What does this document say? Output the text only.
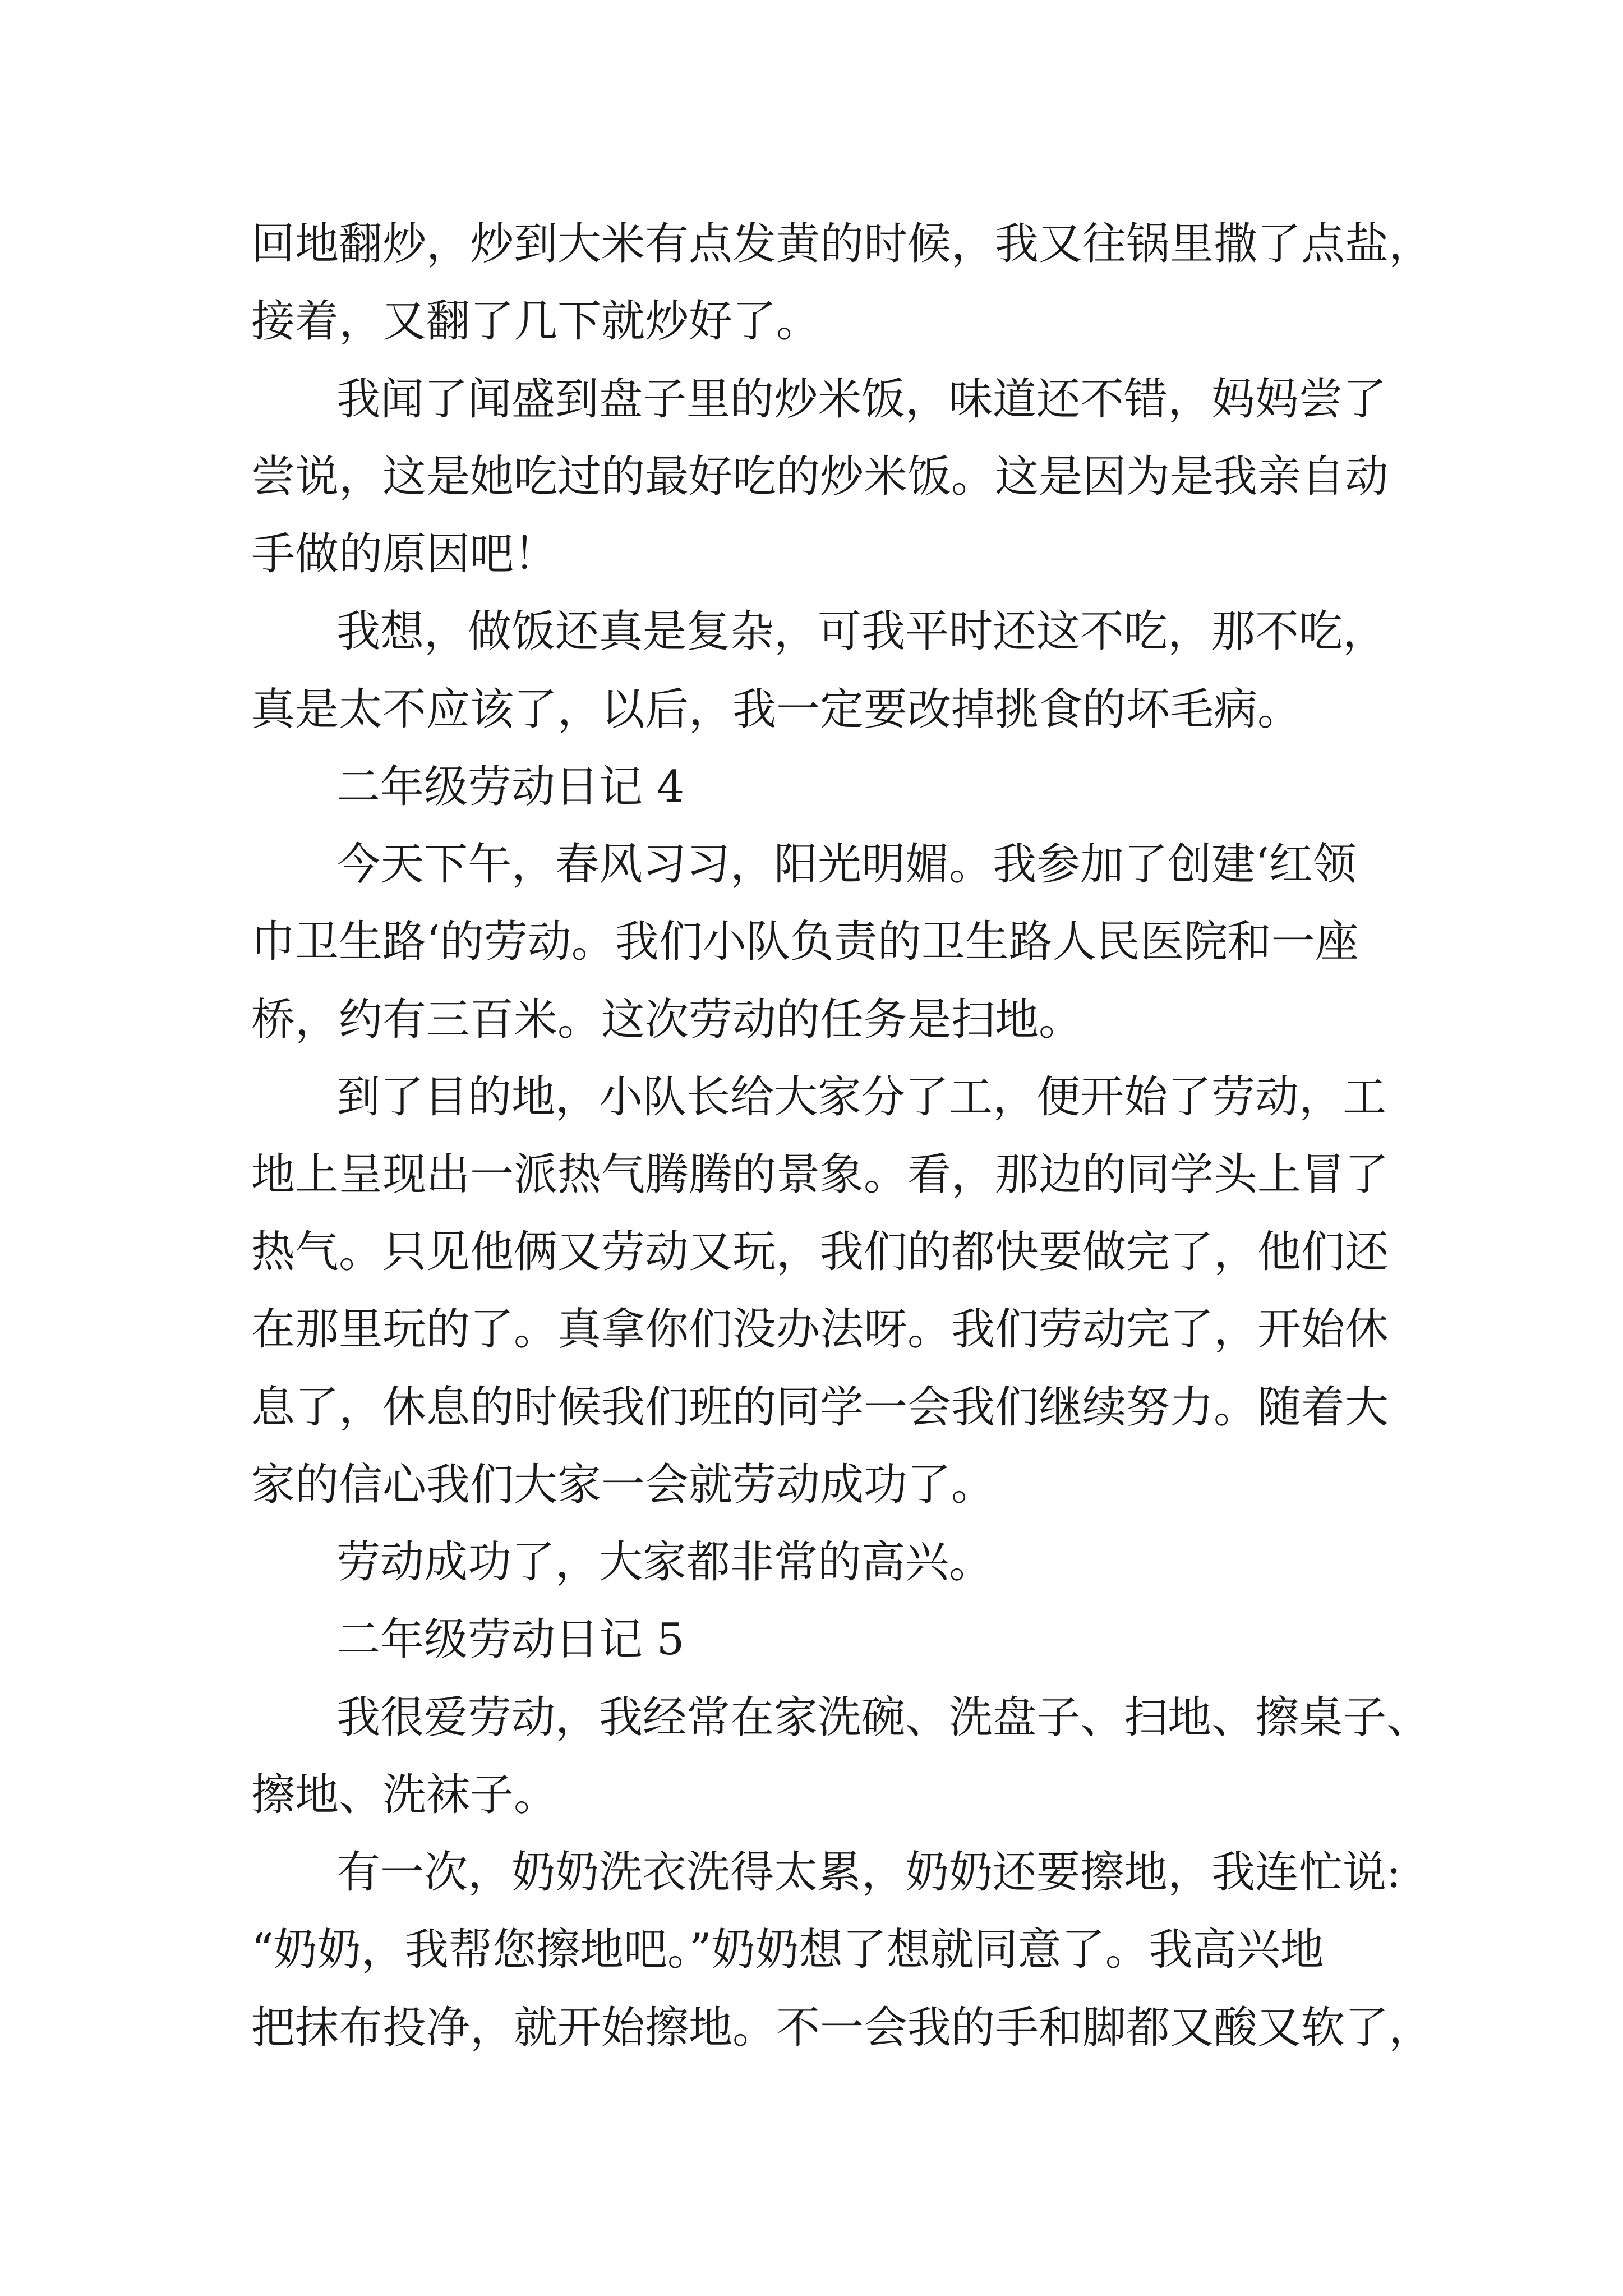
回地翻炒，炒到大米有点发黄的时候，我又往锅里撒了点盐，
接着，又翻了几下就炒好了。
我闻了闻盛到盘子里的炒米饭，味道还不错，妈妈尝了
尝说，这是她吃过的最好吃的炒米饭。这是因为是我亲自动
手做的原因吧！
我想，做饭还真是复杂，可我平时还这不吃，那不吃，
真是太不应该了，以后，我一定要改掉挑食的坏毛病。
二年级劳动日记 4
今天下午，春风习习，阳光明媚。我参加了创建‘红领
巾卫生路‘的劳动。我们小队负责的卫生路人民医院和一座
桥，约有三百米。这次劳动的任务是扫地。
到了目的地，小队长给大家分了工，便开始了劳动，工
地上呈现出一派热气腾腾的景象。看，那边的同学头上冒了
热气。只见他俩又劳动又玩，我们的都快要做完了，他们还
在那里玩的了。真拿你们没办法呀。我们劳动完了，开始休
息了，休息的时候我们班的同学一会我们继续努力。随着大
家的信心我们大家一会就劳动成功了。
劳动成功了，大家都非常的高兴。
二年级劳动日记 5
我很爱劳动，我经常在家洗碗、洗盘子、扫地、擦桌子、
擦地、洗袜子。
有一次，奶奶洗衣洗得太累，奶奶还要擦地，我连忙说:
“奶奶，我帮您擦地吧。”奶奶想了想就同意了。我高兴地
把抹布投净，就开始擦地。不一会我的手和脚都又酸又软了，
